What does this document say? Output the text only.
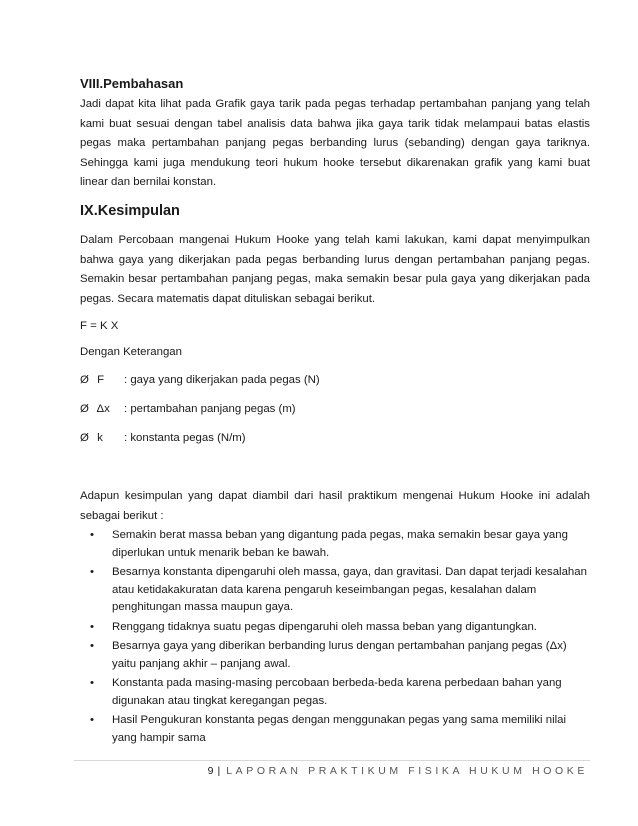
VIII.Pembahasan

Jadi dapat kita lihat pada Grafik gaya tarik pada pegas terhadap pertambahan panjang yang telah kami buat sesuai dengan tabel analisis data bahwa jika gaya tarik tidak melampaui batas elastis pegas maka pertambahan panjang pegas berbanding lurus (sebanding) dengan gaya tariknya. Sehingga kami juga mendukung teori hukum hooke tersebut dikarenakan grafik yang kami buat linear dan bernilai konstan.

IX.Kesimpulan

Dalam Percobaan mangenai Hukum Hooke yang telah kami lakukan, kami dapat menyimpulkan bahwa gaya yang dikerjakan pada pegas berbanding lurus dengan pertambahan panjang pegas. Semakin besar pertambahan panjang pegas, maka semakin besar pula gaya yang dikerjakan pada pegas. Secara matematis dapat dituliskan sebagai berikut.

F = K X
Dengan Keterangan
Ø F : gaya yang dikerjakan pada pegas (N)
Ø Δx : pertambahan panjang pegas (m)
Ø k : konstanta pegas (N/m)

Adapun kesimpulan yang dapat diambil dari hasil praktikum mengenai Hukum Hooke ini adalah sebagai berikut :

• Semakin berat massa beban yang digantung pada pegas, maka semakin besar gaya yang diperlukan untuk menarik beban ke bawah.
• Besarnya konstanta dipengaruhi oleh massa, gaya, dan gravitasi. Dan dapat terjadi kesalahan atau ketidakakuratan data karena pengaruh keseimbangan pegas, kesalahan dalam penghitungan massa maupun gaya.
• Renggang tidaknya suatu pegas dipengaruhi oleh massa beban yang digantungkan.
• Besarnya gaya yang diberikan berbanding lurus dengan pertambahan panjang pegas (Δx) yaitu panjang akhir – panjang awal.
• Konstanta pada masing-masing percobaan berbeda-beda karena perbedaan bahan yang digunakan atau tingkat keregangan pegas.
• Hasil Pengukuran konstanta pegas dengan menggunakan pegas yang sama memiliki nilai yang hampir sama
9 | LAPORAN PRAKTIKUM FISIKA HUKUM HOOKE
